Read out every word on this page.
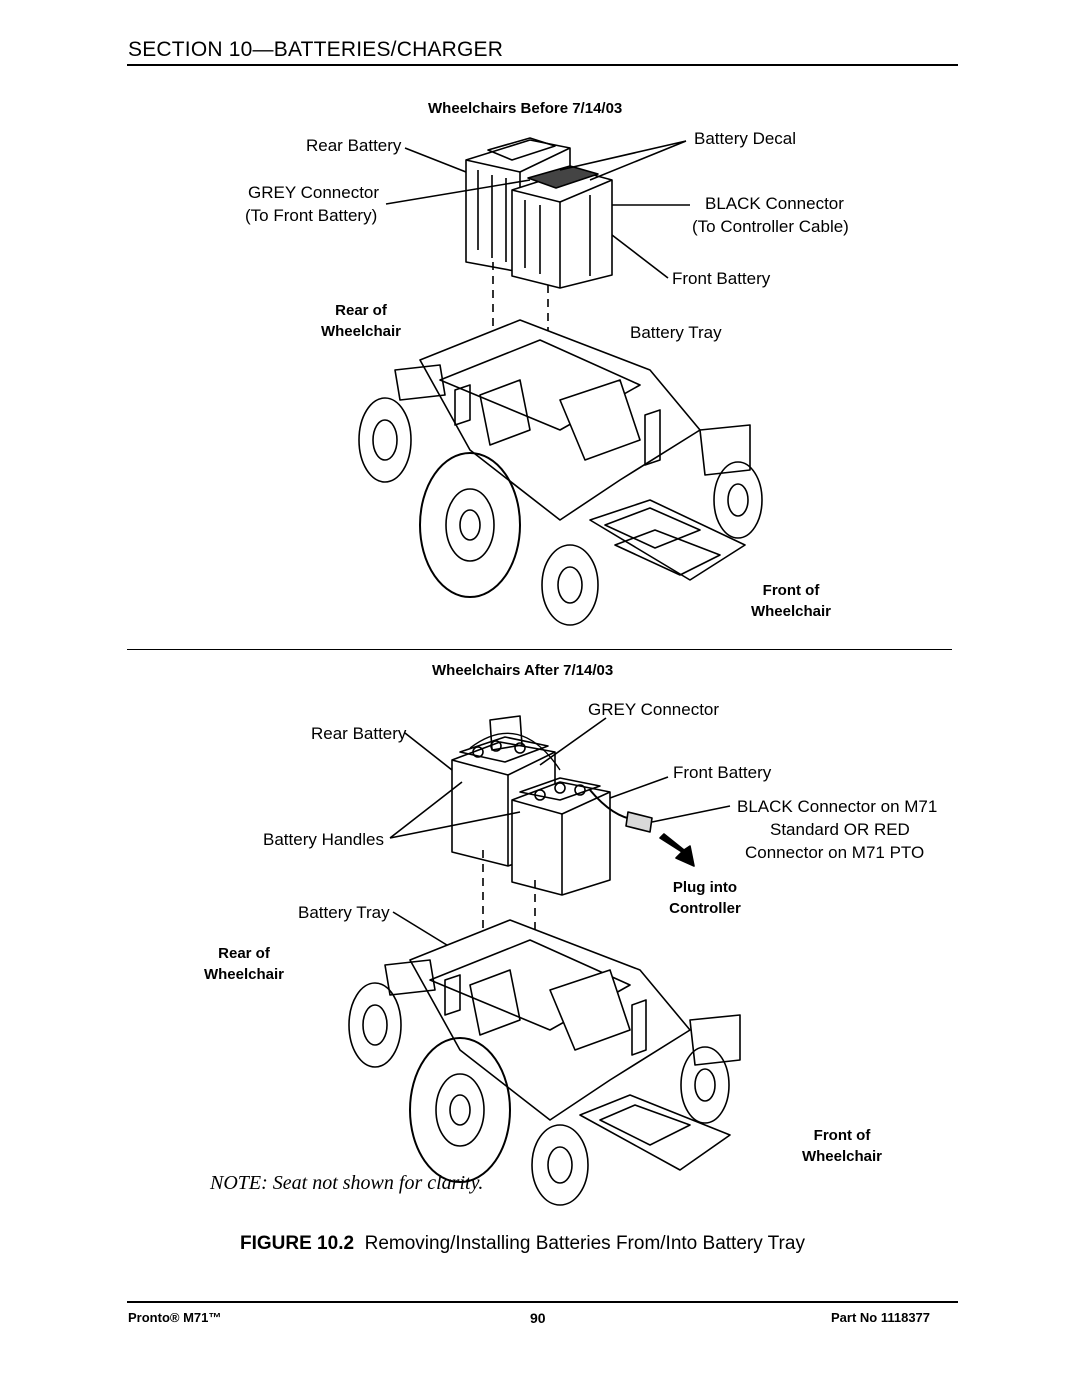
SECTION 10—BATTERIES/CHARGER
Wheelchairs Before 7/14/03
Rear Battery	Battery Decal
GREY Connector
(To Front Battery)
BLACK Connector
(To Controller Cable)
Front Battery
Battery Tray
Rear of
Wheelchair
Front of
Wheelchair
Wheelchairs After 7/14/03
GREY Connector
Rear Battery
Front Battery
BLACK Connector on M71
Standard OR RED
Connector on M71 PTO
Battery Handles
Plug into
Controller
Battery Tray
Rear of
Wheelchair
Front of
Wheelchair
NOTE: Seat not shown for clarity.
FIGURE 10.2 Removing/Installing Batteries From/Into Battery Tray
Pronto® M71™	90	Part No 1118377
